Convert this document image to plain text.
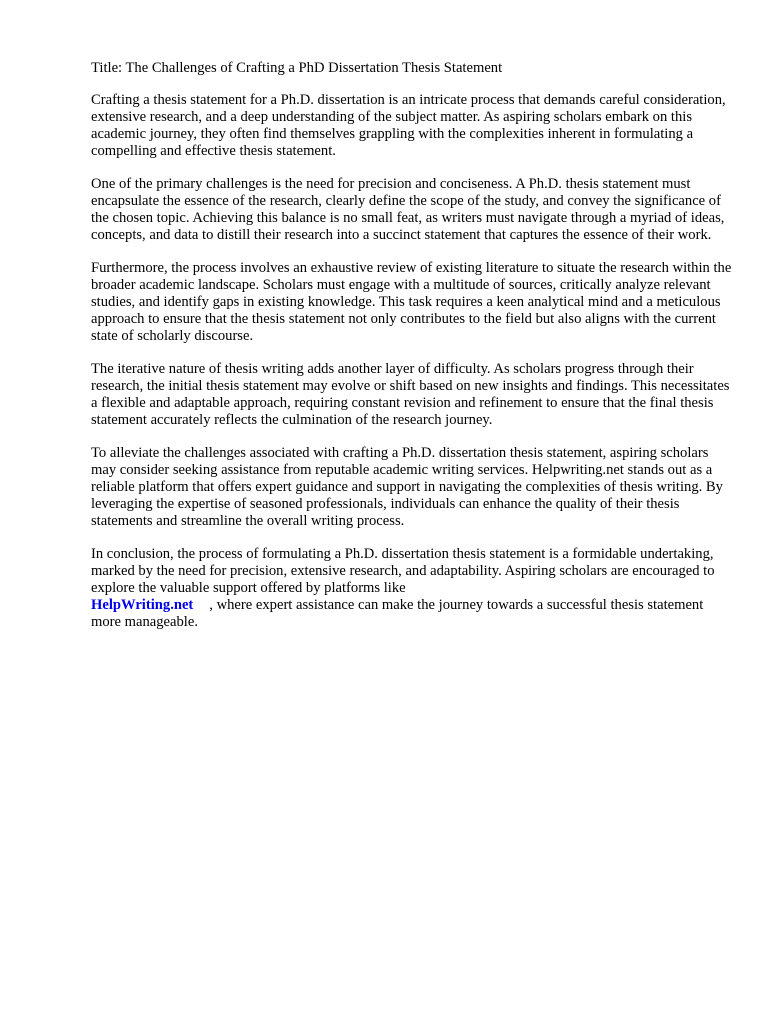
Title: The Challenges of Crafting a PhD Dissertation Thesis Statement

Crafting a thesis statement for a Ph.D. dissertation is an intricate process that demands careful consideration, extensive research, and a deep understanding of the subject matter. As aspiring scholars embark on this academic journey, they often find themselves grappling with the complexities inherent in formulating a compelling and effective thesis statement.

One of the primary challenges is the need for precision and conciseness. A Ph.D. thesis statement must encapsulate the essence of the research, clearly define the scope of the study, and convey the significance of the chosen topic. Achieving this balance is no small feat, as writers must navigate through a myriad of ideas, concepts, and data to distill their research into a succinct statement that captures the essence of their work.

Furthermore, the process involves an exhaustive review of existing literature to situate the research within the broader academic landscape. Scholars must engage with a multitude of sources, critically analyze relevant studies, and identify gaps in existing knowledge. This task requires a keen analytical mind and a meticulous approach to ensure that the thesis statement not only contributes to the field but also aligns with the current state of scholarly discourse.

The iterative nature of thesis writing adds another layer of difficulty. As scholars progress through their research, the initial thesis statement may evolve or shift based on new insights and findings. This necessitates a flexible and adaptable approach, requiring constant revision and refinement to ensure that the final thesis statement accurately reflects the culmination of the research journey.

To alleviate the challenges associated with crafting a Ph.D. dissertation thesis statement, aspiring scholars may consider seeking assistance from reputable academic writing services. Helpwriting.net stands out as a reliable platform that offers expert guidance and support in navigating the complexities of thesis writing. By leveraging the expertise of seasoned professionals, individuals can enhance the quality of their thesis statements and streamline the overall writing process.

In conclusion, the process of formulating a Ph.D. dissertation thesis statement is a formidable undertaking, marked by the need for precision, extensive research, and adaptability. Aspiring scholars are encouraged to explore the valuable support offered by platforms like
HelpWriting.net , where expert assistance can make the journey towards a successful thesis statement more manageable.
